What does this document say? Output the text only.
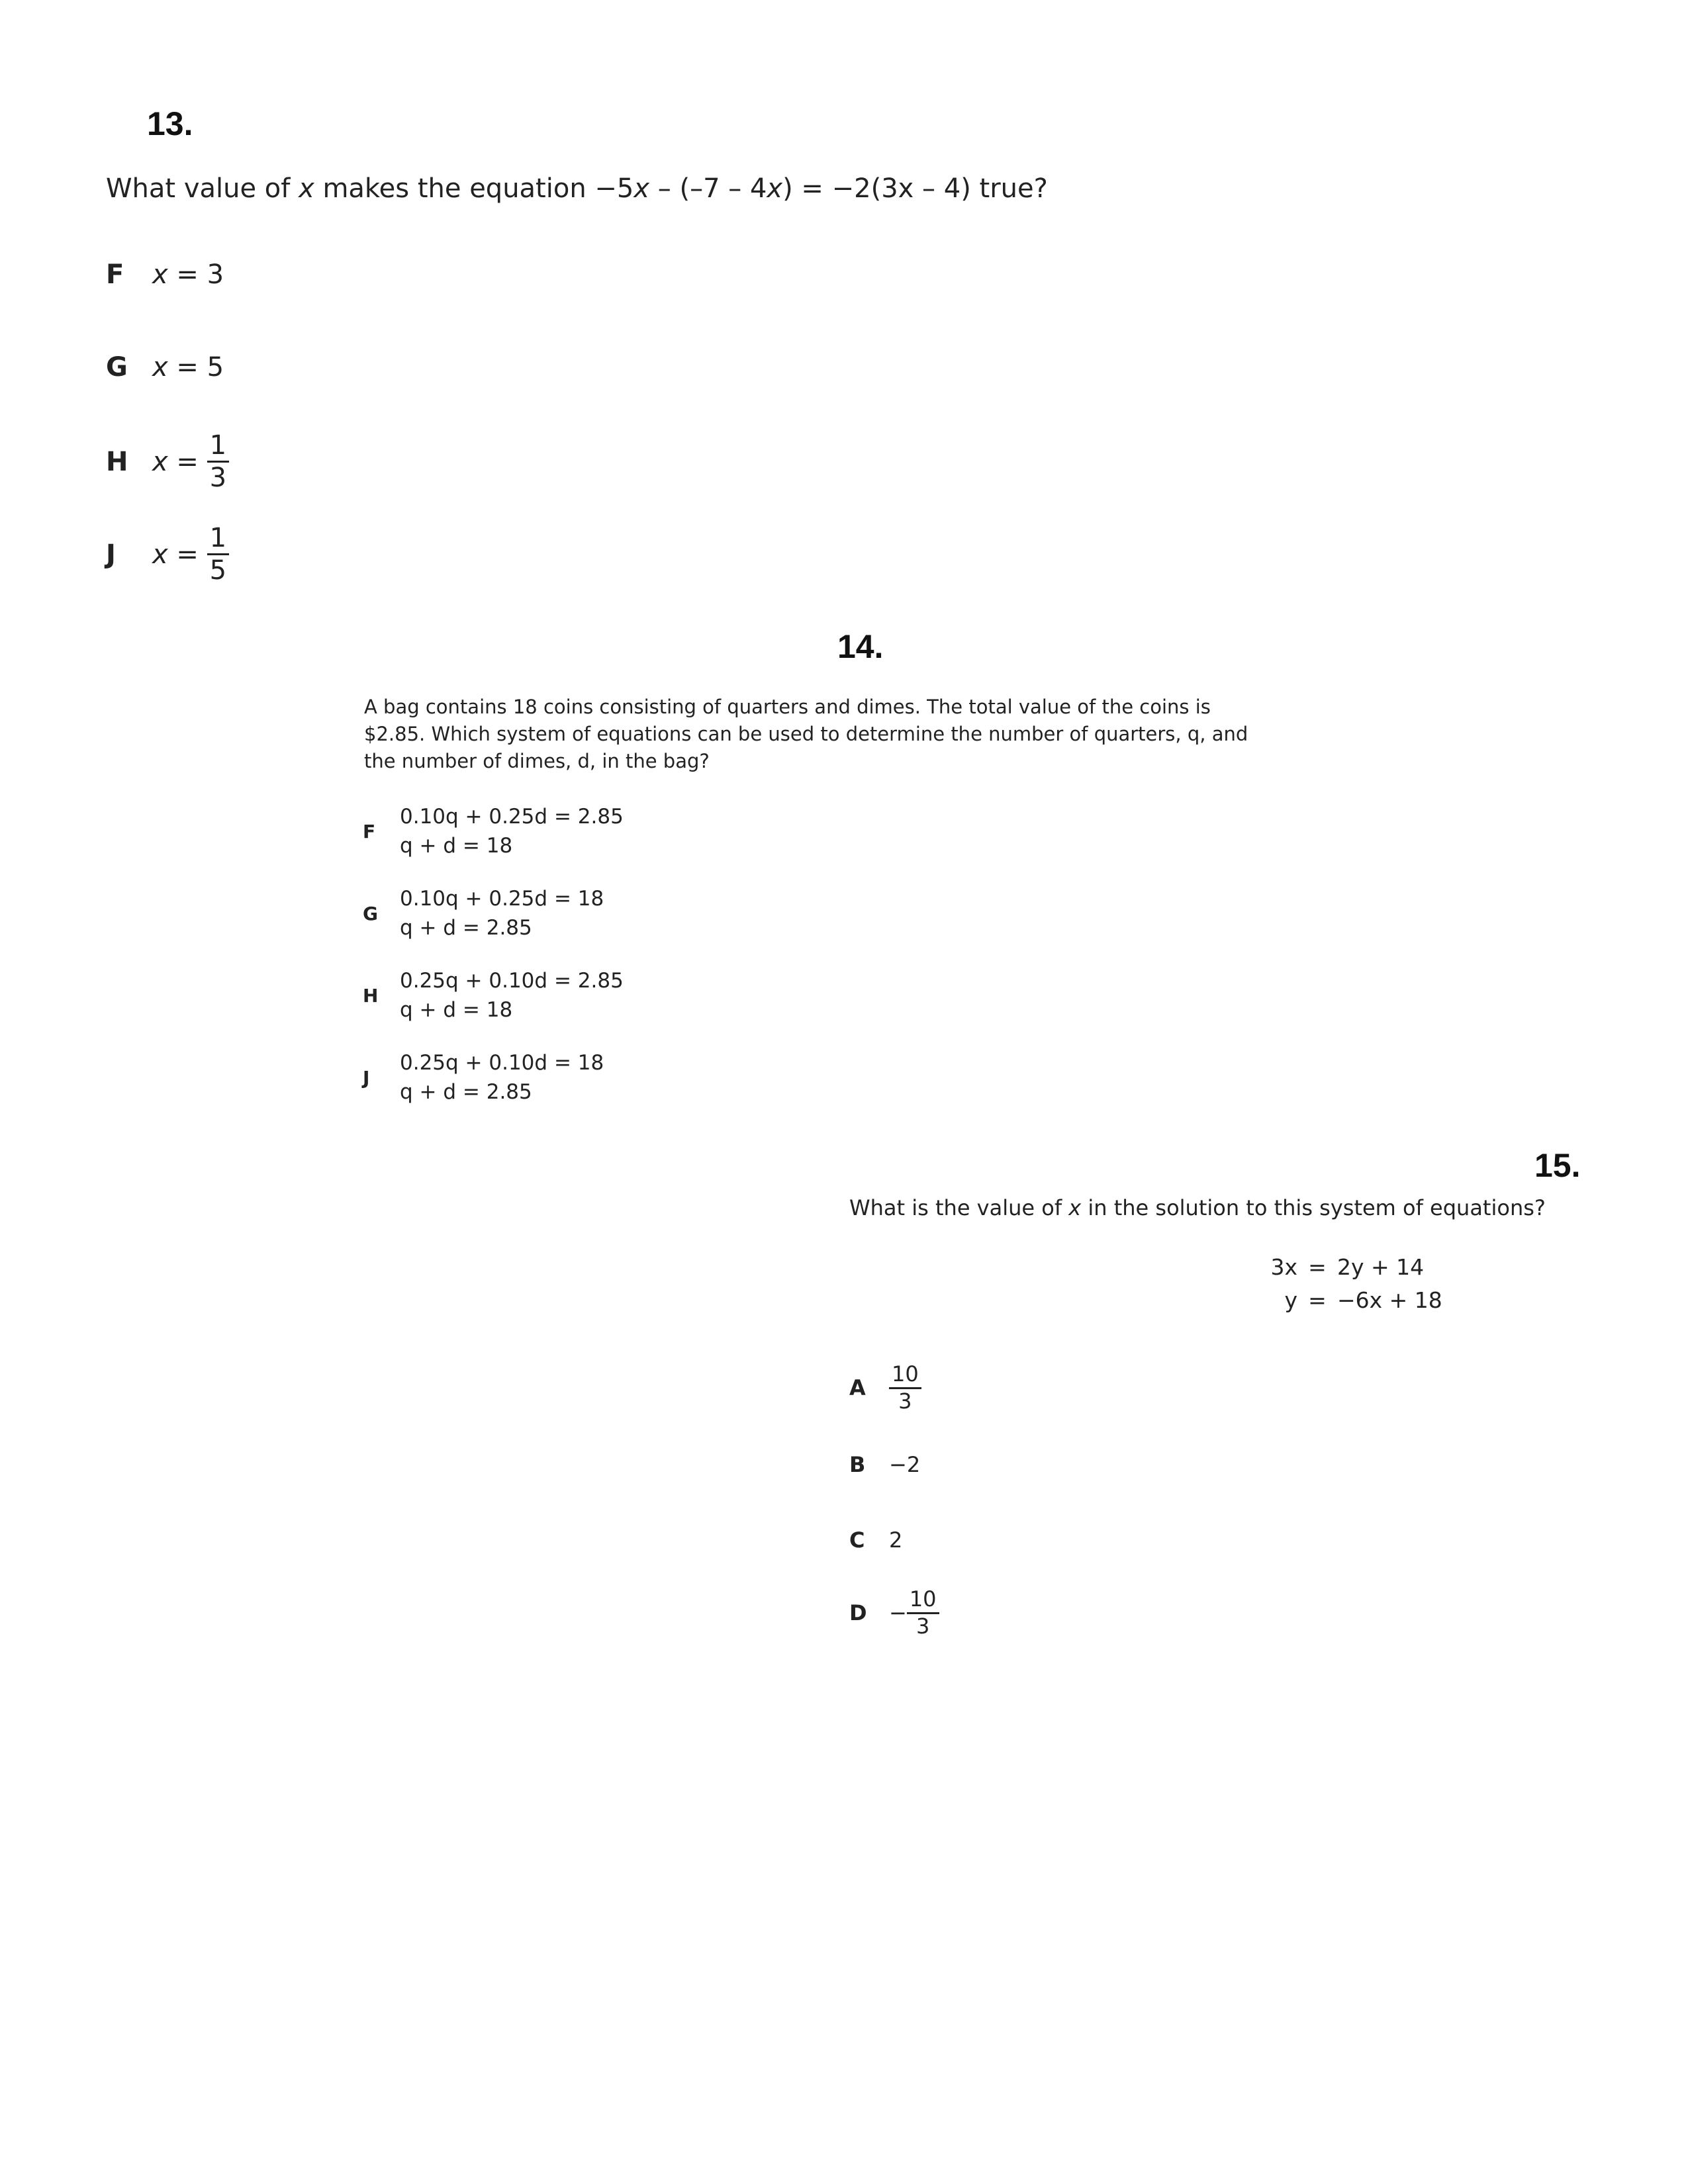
13.
What value of x makes the equation −5x – (–7 – 4x) = −2(3x – 4) true?
F	x = 3
G x = 5
H $x = \frac{1}{3}$
J	$x = \frac{1}{5}$
14.
A bag contains 18 coins consisting of quarters and dimes. The total value of the coins is
$2.85. Which system of equations can be used to determine the number of quarters, q, and
the number of dimes, d, in the bag?
F
0.10q + 0.25d = 2.85
q + d = 18
G
0.10q + 0.25d = 18
q + d = 2.85
H
0.25q + 0.10d = 2.85
q + d = 18
J
0.25q + 0.10d = 18
q + d = 2.85
15.
What is the value of x in the solution to this system of equations?
3x = 2y + 14
y = −6x + 18
A	$\frac{10}{3}$
B	−2
C	2
D	− $\frac{10}{3}$
